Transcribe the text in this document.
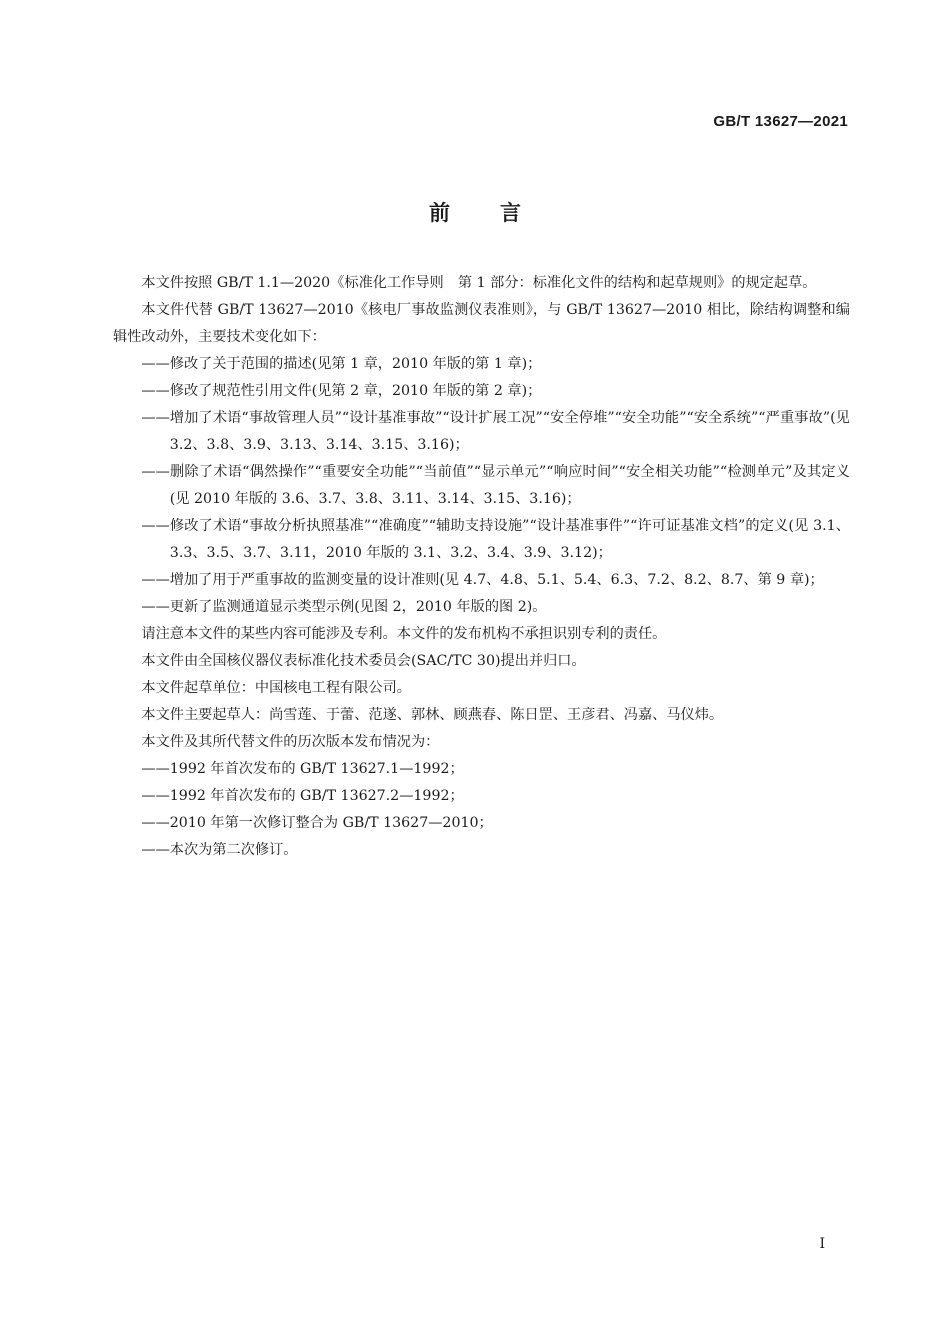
GB/T 13627—2021
前言

本文件按照 GB/T 1.1—2020《标准化工作导则　第 1 部分：标准化文件的结构和起草规则》的规定起草。

本文件代替 GB/T 13627—2010《核电厂事故监测仪表准则》，与 GB/T 13627—2010 相比，除结构调整和编辑性改动外，主要技术变化如下：

——修改了关于范围的描述(见第 1 章，2010 年版的第 1 章)；

——修改了规范性引用文件(见第 2 章，2010 年版的第 2 章)；

——增加了术语“事故管理人员”“设计基准事故”“设计扩展工况”“安全停堆”“安全功能”“安全系统”“严重事故”(见 3.2、3.8、3.9、3.13、3.14、3.15、3.16)；

——删除了术语“偶然操作”“重要安全功能”“当前值”“显示单元”“响应时间”“安全相关功能”“检测单元”及其定义(见 2010 年版的 3.6、3.7、3.8、3.11、3.14、3.15、3.16)；

——修改了术语“事故分析执照基准”“准确度”“辅助支持设施”“设计基准事件”“许可证基准文档”的定义(见 3.1、3.3、3.5、3.7、3.11，2010 年版的 3.1、3.2、3.4、3.9、3.12)；

——增加了用于严重事故的监测变量的设计准则(见 4.7、4.8、5.1、5.4、6.3、7.2、8.2、8.7、第 9 章)；

——更新了监测通道显示类型示例(见图 2，2010 年版的图 2)。

请注意本文件的某些内容可能涉及专利。本文件的发布机构不承担识别专利的责任。

本文件由全国核仪器仪表标准化技术委员会(SAC/TC 30)提出并归口。

本文件起草单位：中国核电工程有限公司。

本文件主要起草人：尚雪莲、于蕾、范遂、郭林、顾燕春、陈日罡、王彦君、冯嘉、马仪炜。

本文件及其所代替文件的历次版本发布情况为：

——1992 年首次发布的 GB/T 13627.1—1992；

——1992 年首次发布的 GB/T 13627.2—1992；

——2010 年第一次修订整合为 GB/T 13627—2010；

——本次为第二次修订。

I
